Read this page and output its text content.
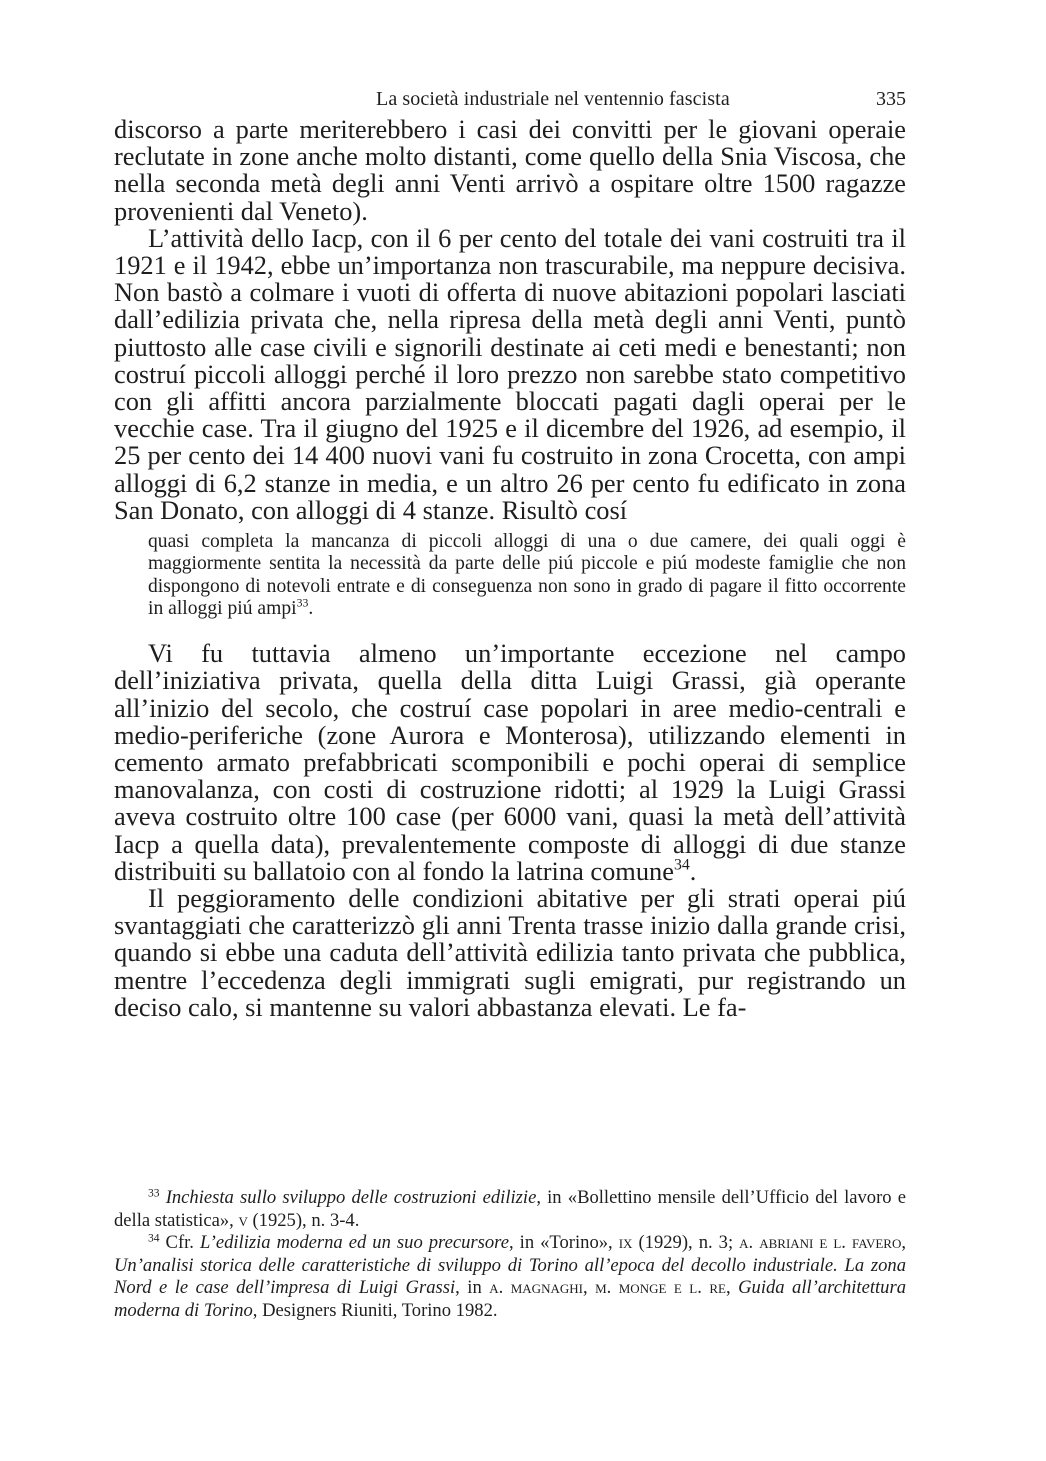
La società industriale nel ventennio fascista	335

discorso a parte meriterebbero i casi dei convitti per le giovani operaie reclutate in zone anche molto distanti, come quello della Snia Viscosa, che nella seconda metà degli anni Venti arrivò a ospitare oltre 1500 ragazze provenienti dal Veneto).

L’attività dello Iacp, con il 6 per cento del totale dei vani costruiti tra il 1921 e il 1942, ebbe un’importanza non trascurabile, ma neppure decisiva. Non bastò a colmare i vuoti di offerta di nuove abitazioni popolari lasciati dall’edilizia privata che, nella ripresa della metà degli anni Venti, puntò piuttosto alle case civili e signorili destinate ai ceti medi e benestanti; non costruí piccoli alloggi perché il loro prezzo non sarebbe stato competitivo con gli affitti ancora parzialmente bloccati pagati dagli operai per le vecchie case. Tra il giugno del 1925 e il dicembre del 1926, ad esempio, il 25 per cento dei 14 400 nuovi vani fu costruito in zona Crocetta, con ampi alloggi di 6,2 stanze in media, e un altro 26 per cento fu edificato in zona San Donato, con alloggi di 4 stanze. Risultò cosí

quasi completa la mancanza di piccoli alloggi di una o due camere, dei quali oggi è maggiormente sentita la necessità da parte delle piú piccole e piú modeste famiglie che non dispongono di notevoli entrate e di conseguenza non sono in grado di pagare il fitto occorrente in alloggi piú ampi$^{33}$.

Vi fu tuttavia almeno un’importante eccezione nel campo dell’iniziativa privata, quella della ditta Luigi Grassi, già operante all’inizio del secolo, che costruí case popolari in aree medio-centrali e medio-periferiche (zone Aurora e Monterosa), utilizzando elementi in cemento armato prefabbricati scomponibili e pochi operai di semplice manovalanza, con costi di costruzione ridotti; al 1929 la Luigi Grassi aveva costruito oltre 100 case (per 6000 vani, quasi la metà dell’attività Iacp a quella data), prevalentemente composte di alloggi di due stanze distribuiti su ballatoio con al fondo la latrina comune$^{34}$.

Il peggioramento delle condizioni abitative per gli strati operai piú svantaggiati che caratterizzò gli anni Trenta trasse inizio dalla grande crisi, quando si ebbe una caduta dell’attività edilizia tanto privata che pubblica, mentre l’eccedenza degli immigrati sugli emigrati, pur registrando un deciso calo, si mantenne su valori abbastanza elevati. Le fa-

$^{33}$ Inchiesta sullo sviluppo delle costruzioni edilizie, in «Bollettino mensile dell’Ufficio del lavoro e della statistica», v (1925), n. 3-4.

$^{34}$ Cfr. L’edilizia moderna ed un suo precursore, in «Torino», ix (1929), n. 3; a. abriani e l. favero, Un’analisi storica delle caratteristiche di sviluppo di Torino all’epoca del decollo industriale. La zona Nord e le case dell’impresa di Luigi Grassi, in a. magnaghi, m. monge e l. re, Guida all’architettura moderna di Torino, Designers Riuniti, Torino 1982.
